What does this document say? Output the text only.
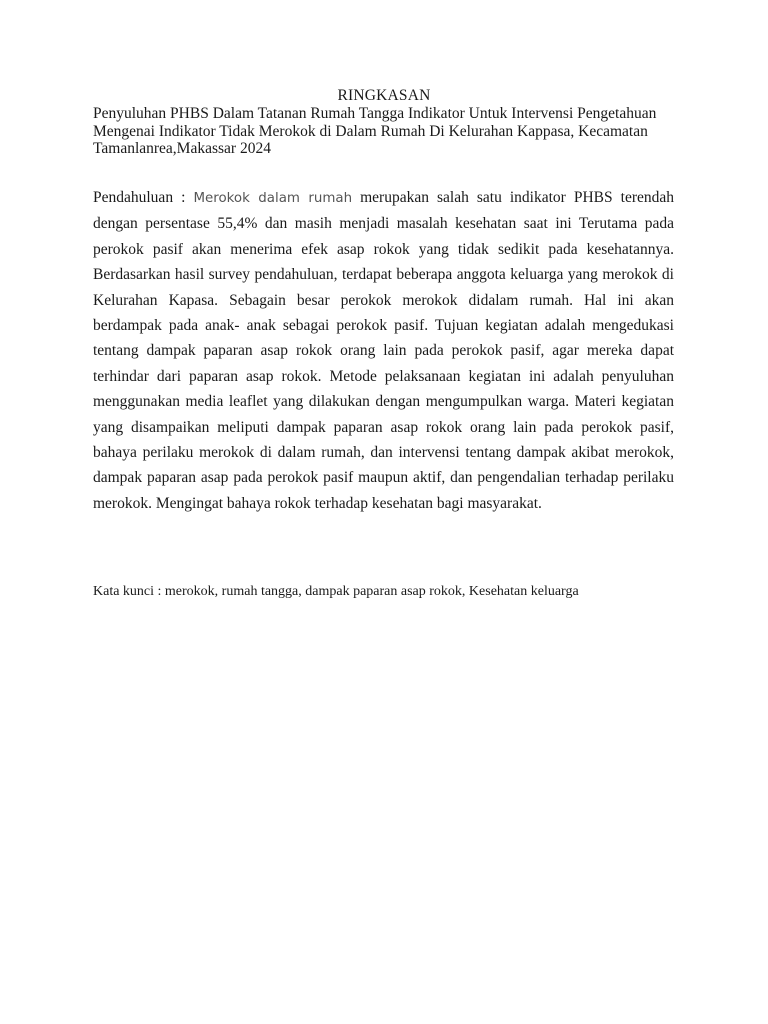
RINGKASAN
Penyuluhan PHBS Dalam Tatanan Rumah Tangga Indikator Untuk Intervensi Pengetahuan
Mengenai Indikator Tidak Merokok di Dalam Rumah Di Kelurahan Kappasa, Kecamatan
Tamanlanrea,Makassar 2024

Pendahuluan : Merokok dalam rumah merupakan salah satu indikator PHBS terendah dengan persentase 55,4% dan masih menjadi masalah kesehatan saat ini Terutama pada perokok pasif akan menerima efek asap rokok yang tidak sedikit pada kesehatannya. Berdasarkan hasil survey pendahuluan, terdapat beberapa anggota keluarga yang merokok di Kelurahan Kapasa. Sebagain besar perokok merokok didalam rumah. Hal ini akan berdampak pada anak- anak sebagai perokok pasif. Tujuan kegiatan adalah mengedukasi tentang dampak paparan asap rokok orang lain pada perokok pasif, agar mereka dapat terhindar dari paparan asap rokok. Metode pelaksanaan kegiatan ini adalah penyuluhan menggunakan media leaflet yang dilakukan dengan mengumpulkan warga. Materi kegiatan yang disampaikan meliputi dampak paparan asap rokok orang lain pada perokok pasif, bahaya perilaku merokok di dalam rumah, dan intervensi tentang dampak akibat merokok, dampak paparan asap pada perokok pasif maupun aktif, dan pengendalian terhadap perilaku merokok. Mengingat bahaya rokok terhadap kesehatan bagi masyarakat.

Kata kunci : merokok, rumah tangga, dampak paparan asap rokok, Kesehatan keluarga
